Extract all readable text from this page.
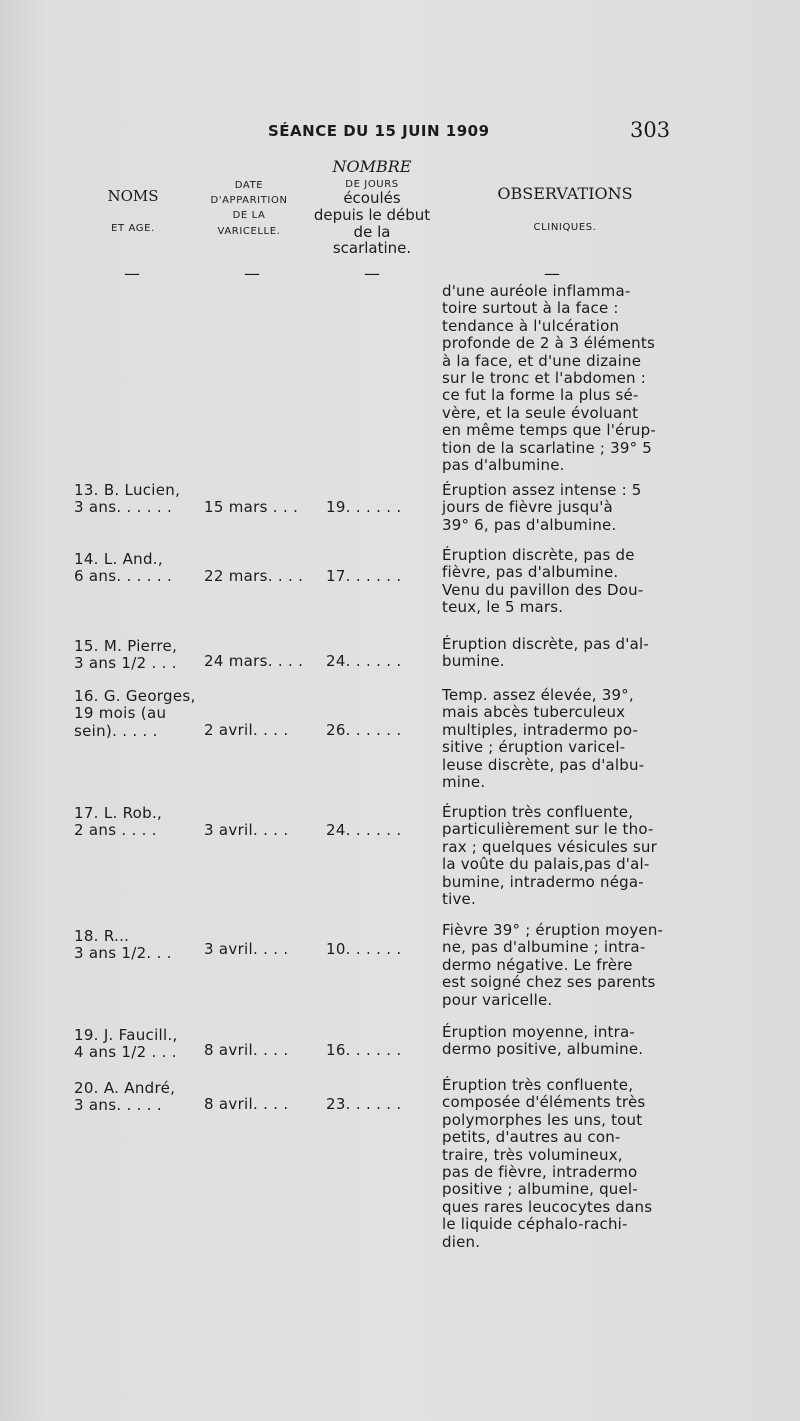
SÉANCE DU 15 JUIN 1909	303
NOMS
ET AGE.
DATE
D'APPARITION
DE LA
VARICELLE.
NOMBRE
DE JOURS
écoulés
depuis le début
de la
scarlatine.
OBSERVATIONS
CLINIQUES.
—	—	—	—
d'une auréole inflamma-
toire surtout à la face :
tendance à l'ulcération
profonde de 2 à 3 éléments
à la face, et d'une dizaine
sur le tronc et l'abdomen :
ce fut la forme la plus sé-
vère, et la seule évoluant
en même temps que l'érup-
tion de la scarlatine ; 39° 5
pas d'albumine.
13. B. Lucien,
3 ans. . . . . .	15 mars . . .	19. . . . . .
Éruption assez intense : 5
jours de fièvre jusqu'à
39° 6, pas d'albumine.
14. L. And.,
6 ans. . . . . .	22 mars. . . .	17. . . . . .
Éruption discrète, pas de
fièvre, pas d'albumine.
Venu du pavillon des Dou-
teux, le 5 mars.
15. M. Pierre,
3 ans 1/2 . . .	24 mars. . . .	24. . . . . .
Éruption discrète, pas d'al-
bumine.
16. G. Georges,
19 mois (au
sein). . . . .	2 avril. . . .	26. . . . . .
Temp. assez élevée, 39°,
mais abcès tuberculeux
multiples, intradermo po-
sitive ; éruption varicel-
leuse discrète, pas d'albu-
mine.
17. L. Rob.,
2 ans . . . .	3 avril. . . .	24. . . . . .
Éruption très confluente,
particulièrement sur le tho-
rax ; quelques vésicules sur
la voûte du palais,pas d'al-
bumine, intradermo néga-
tive.
18. R...
3 ans 1/2. . .	3 avril. . . .	10. . . . . .
Fièvre 39° ; éruption moyen-
ne, pas d'albumine ; intra-
dermo négative. Le frère
est soigné chez ses parents
pour varicelle.
19. J. Faucill.,
4 ans 1/2 . . .	8 avril. . . .	16. . . . . .
Éruption moyenne, intra-
dermo positive, albumine.
20. A. André,
3 ans. . . . .	8 avril. . . .	23. . . . . .
Éruption très confluente,
composée d'éléments très
polymorphes les uns, tout
petits, d'autres au con-
traire, très volumineux,
pas de fièvre, intradermo
positive ; albumine, quel-
ques rares leucocytes dans
le liquide céphalo-rachi-
dien.
